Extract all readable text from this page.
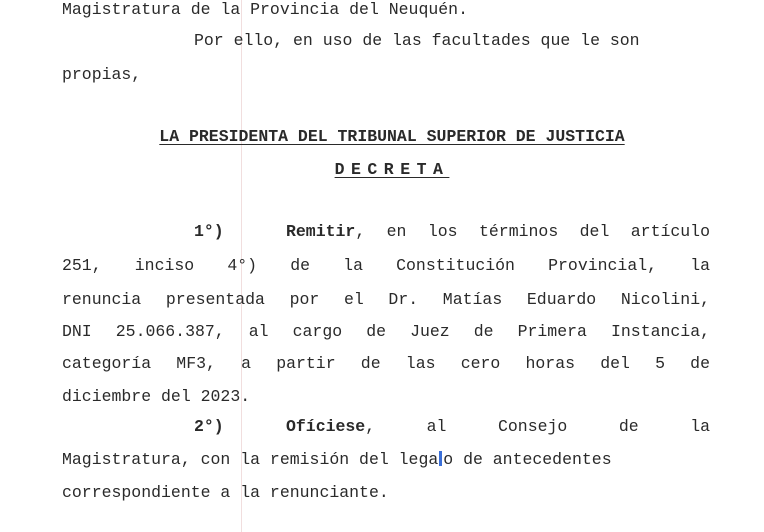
Magistratura de la Provincia del Neuquén.
Por ello, en uso de las facultades que le son
propias,
LA PRESIDENTA DEL TRIBUNAL SUPERIOR DE JUSTICIA
DECRETA
1°)	Remitir, en los términos del artículo
251, inciso 4°) de la Constitución Provincial, la
renuncia presentada por el Dr. Matías Eduardo Nicolini,
DNI 25.066.387, al cargo de Juez de Primera Instancia,
categoría MF3, a partir de las cero horas del 5 de
diciembre del 2023.
2°)	Ofíciese, al Consejo de la
Magistratura, con la remisión del lega o de antecedentes
correspondiente a la renunciante.
